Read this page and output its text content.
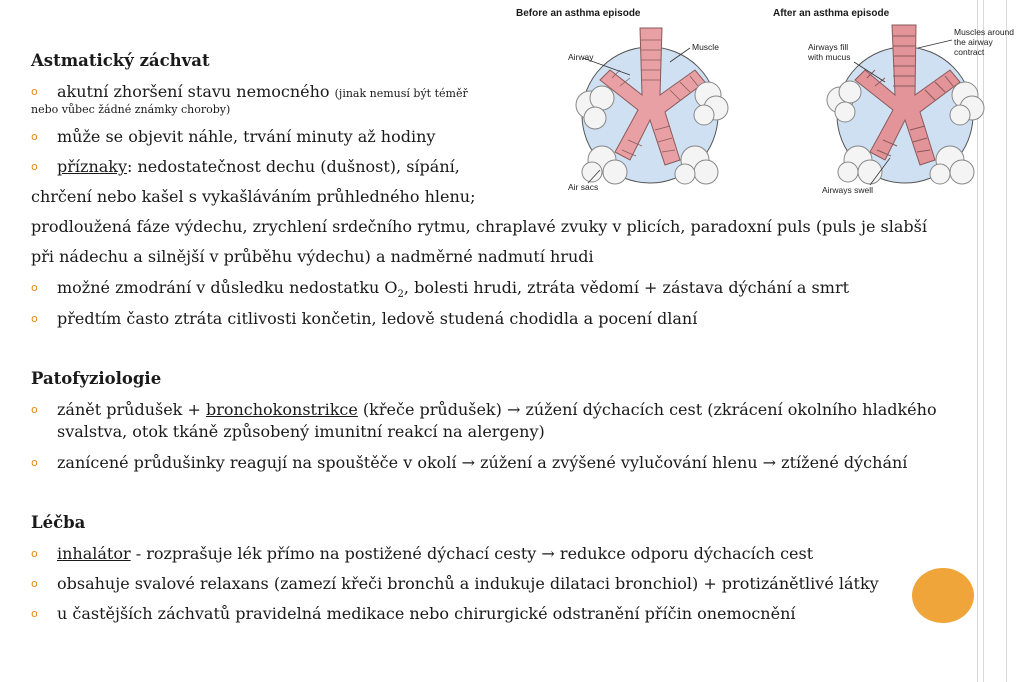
Before an asthma episode	After an asthma episode
Airway
Muscle
Air sacs
Airways fill
with mucus
Airways swell
Muscles around
the airway
contract
Astmatický záchvat
o akutní zhoršení stavu nemocného (jinak nemusí být téměř
nebo vůbec žádné známky choroby)
o může se objevit náhle, trvání minuty až hodiny
o příznaky: nedostatečnost dechu (dušnost), sípání,
chrčení nebo kašel s vykašláváním průhledného hlenu;
prodloužená fáze výdechu, zrychlení srdečního rytmu, chraplavé zvuky v plicích, paradoxní puls (puls je slabší
při nádechu a silnější v průběhu výdechu) a nadměrné nadmutí hrudi
o možné zmodrání v důsledku nedostatku $O_2$, bolesti hrudi, ztráta vědomí + zástava dýchání a smrt
o předtím často ztráta citlivosti končetin, ledově studená chodidla a pocení dlaní
Patofyziologie
o zánět průdušek + bronchokonstrikce (křeče průdušek) → zúžení dýchacích cest (zkrácení okolního hladkého
svalstva, otok tkáně způsobený imunitní reakcí na alergeny)
o zanícené průdušinky reagují na spouštěče v okolí → zúžení a zvýšené vylučování hlenu → ztížené dýchání
Léčba
o inhalátor - rozprašuje lék přímo na postižené dýchací cesty → redukce odporu dýchacích cest
o obsahuje svalové relaxans (zamezí křeči bronchů a indukuje dilataci bronchiol) + protizánětlivé látky
o u častějších záchvatů pravidelná medikace nebo chirurgické odstranění příčin onemocnění
